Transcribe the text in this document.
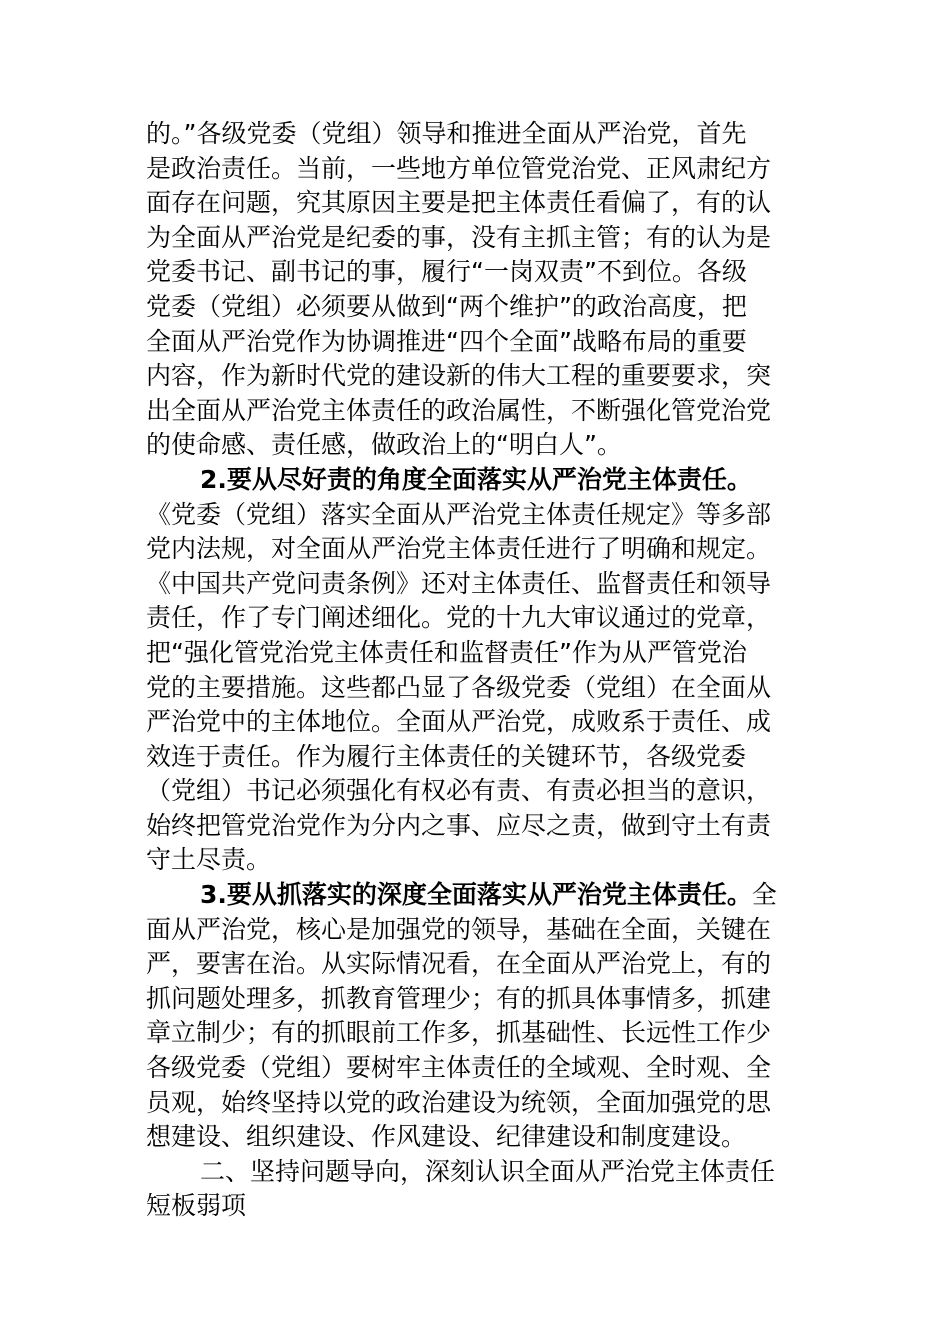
的。”各级党委（党组）领导和推进全面从严治党，首先
是政治责任。当前，一些地方单位管党治党、正风肃纪方
面存在问题，究其原因主要是把主体责任看偏了，有的认
为全面从严治党是纪委的事，没有主抓主管；有的认为是
党委书记、副书记的事，履行“一岗双责”不到位。各级
党委（党组）必须要从做到“两个维护”的政治高度，把
全面从严治党作为协调推进“四个全面”战略布局的重要
内容，作为新时代党的建设新的伟大工程的重要要求，突
出全面从严治党主体责任的政治属性，不断强化管党治党
的使命感、责任感，做政治上的“明白人”。
2.要从尽好责的角度全面落实从严治党主体责任。
《党委（党组）落实全面从严治党主体责任规定》等多部
党内法规，对全面从严治党主体责任进行了明确和规定。
《中国共产党问责条例》还对主体责任、监督责任和领导
责任，作了专门阐述细化。党的十九大审议通过的党章，
把“强化管党治党主体责任和监督责任”作为从严管党治
党的主要措施。这些都凸显了各级党委（党组）在全面从
严治党中的主体地位。全面从严治党，成败系于责任、成
效连于责任。作为履行主体责任的关键环节，各级党委
（党组）书记必须强化有权必有责、有责必担当的意识，
始终把管党治党作为分内之事、应尽之责，做到守土有责
守土尽责。
3.要从抓落实的深度全面落实从严治党主体责任。全
面从严治党，核心是加强党的领导，基础在全面，关键在
严，要害在治。从实际情况看，在全面从严治党上，有的
抓问题处理多，抓教育管理少；有的抓具体事情多，抓建
章立制少；有的抓眼前工作多，抓基础性、长远性工作少
各级党委（党组）要树牢主体责任的全域观、全时观、全
员观，始终坚持以党的政治建设为统领，全面加强党的思
想建设、组织建设、作风建设、纪律建设和制度建设。
二、坚持问题导向，深刻认识全面从严治党主体责任
短板弱项
